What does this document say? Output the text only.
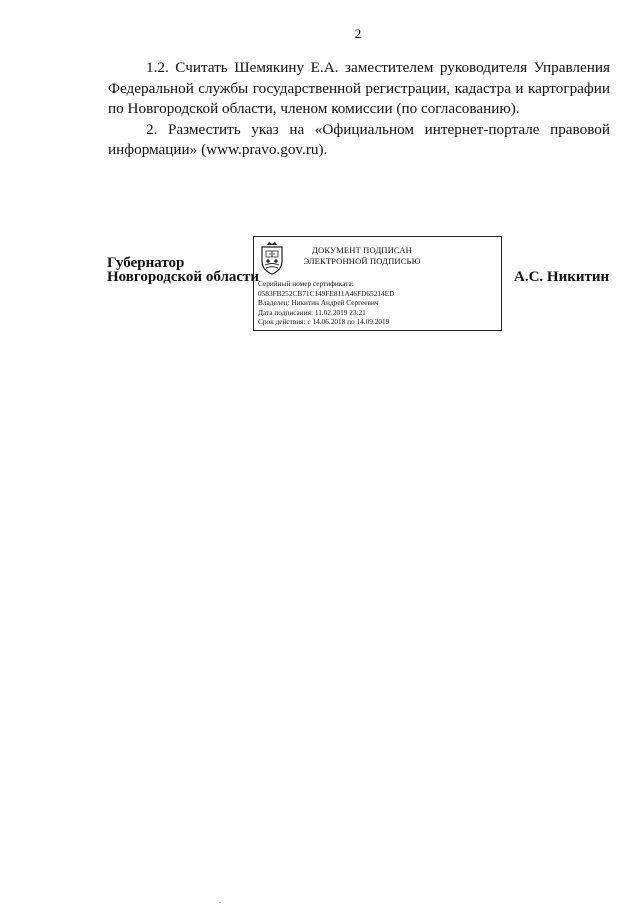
2

1.2. Считать Шемякину Е.А. заместителем руководителя Управления Федеральной службы государственной регистрации, кадастра и картографии по Новгородской области, членом комиссии (по согласованию).

2. Разместить указ на «Официальном интернет-портале правовой информации» (www.pravo.gov.ru).

Губернатор
Новгородской области
ДОКУМЕНТ ПОДПИСАН
ЭЛЕКТРОННОЙ ПОДПИСЬЮ
Серийный номер сертификата:
0583FB252CB71C149FE811A46FD65214ED
Владелец: Никитин Андрей Сергеевич
Дата подписания: 11.02.2019 23:21
Срок действия: с 14.06.2018 по 14.09.2019
А.С. Никитин
.
